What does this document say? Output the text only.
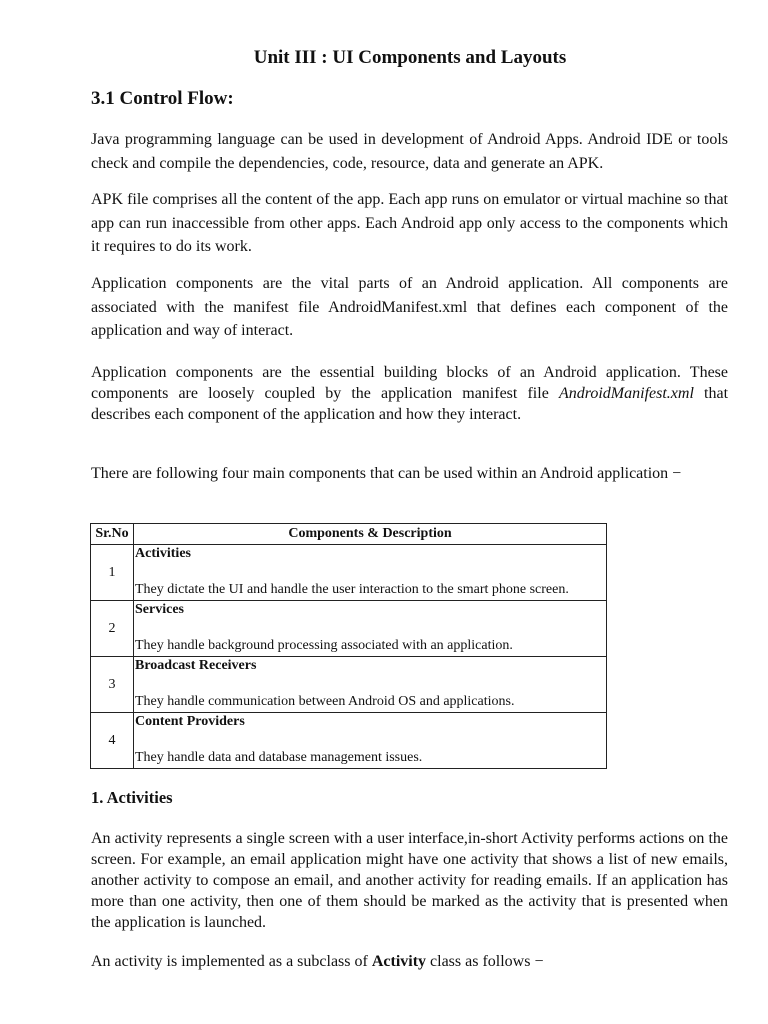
Unit III : UI Components and Layouts
3.1 Control Flow:

Java programming language can be used in development of Android Apps. Android IDE or tools check and compile the dependencies, code, resource, data and generate an APK.

APK file comprises all the content of the app. Each app runs on emulator or virtual machine so that app can run inaccessible from other apps. Each Android app only access to the components which it requires to do its work.

Application components are the vital parts of an Android application. All components are associated with the manifest file AndroidManifest.xml that defines each component of the application and way of interact.

Application components are the essential building blocks of an Android application. These components are loosely coupled by the application manifest file AndroidManifest.xml that describes each component of the application and how they interact.

There are following four main components that can be used within an Android application −

Sr.No	Components & Description
1	Activities
They dictate the UI and handle the user interaction to the smart phone screen.

2	Services
They handle background processing associated with an application.

3	Broadcast Receivers
They handle communication between Android OS and applications.

4	Content Providers
They handle data and database management issues.
1. Activities

An activity represents a single screen with a user interface,in-short Activity performs actions on the screen. For example, an email application might have one activity that shows a list of new emails, another activity to compose an email, and another activity for reading emails. If an application has more than one activity, then one of them should be marked as the activity that is presented when the application is launched.

An activity is implemented as a subclass of Activity class as follows −
